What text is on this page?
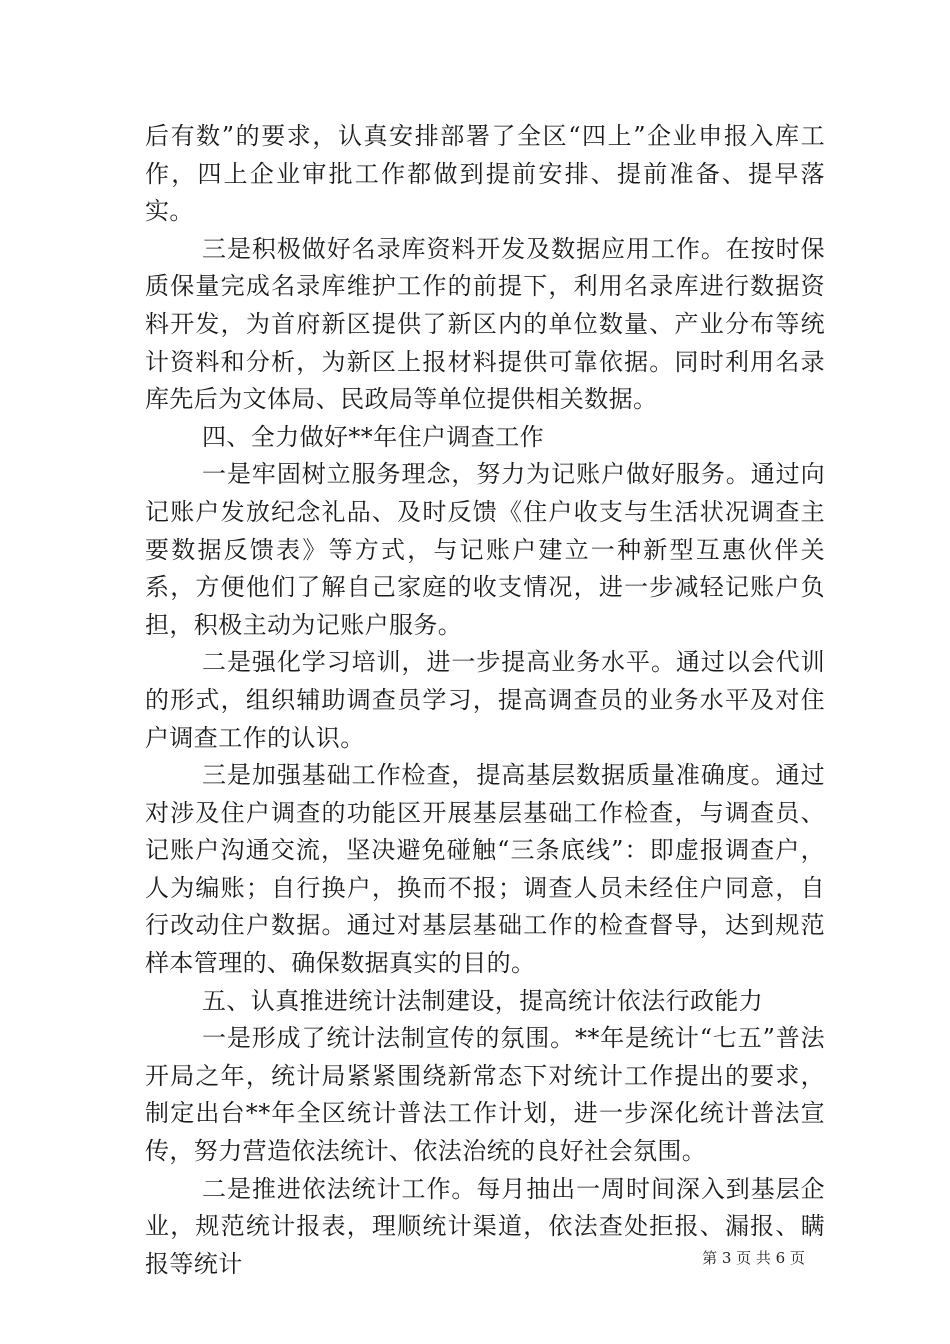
后有数”的要求，认真安排部署了全区“四上”企业申报入库工作，四上企业审批工作都做到提前安排、提前准备、提早落实。

三是积极做好名录库资料开发及数据应用工作。在按时保质保量完成名录库维护工作的前提下，利用名录库进行数据资料开发，为首府新区提供了新区内的单位数量、产业分布等统计资料和分析，为新区上报材料提供可靠依据。同时利用名录库先后为文体局、民政局等单位提供相关数据。

四、全力做好**年住户调查工作

一是牢固树立服务理念，努力为记账户做好服务。通过向记账户发放纪念礼品、及时反馈《住户收支与生活状况调查主要数据反馈表》等方式，与记账户建立一种新型互惠伙伴关系，方便他们了解自己家庭的收支情况，进一步减轻记账户负担，积极主动为记账户服务。

二是强化学习培训，进一步提高业务水平。通过以会代训的形式，组织辅助调查员学习，提高调查员的业务水平及对住户调查工作的认识。

三是加强基础工作检查，提高基层数据质量准确度。通过对涉及住户调查的功能区开展基层基础工作检查，与调查员、记账户沟通交流，坚决避免碰触“三条底线”：即虚报调查户，人为编账；自行换户，换而不报；调查人员未经住户同意，自行改动住户数据。通过对基层基础工作的检查督导，达到规范样本管理的、确保数据真实的目的。

五、认真推进统计法制建设，提高统计依法行政能力

一是形成了统计法制宣传的氛围。**年是统计“七五”普法开局之年，统计局紧紧围绕新常态下对统计工作提出的要求，制定出台**年全区统计普法工作计划，进一步深化统计普法宣传，努力营造依法统计、依法治统的良好社会氛围。

二是推进依法统计工作。每月抽出一周时间深入到基层企业，规范统计报表，理顺统计渠道，依法查处拒报、漏报、瞒报等统计	第 3 页 共 6 页
